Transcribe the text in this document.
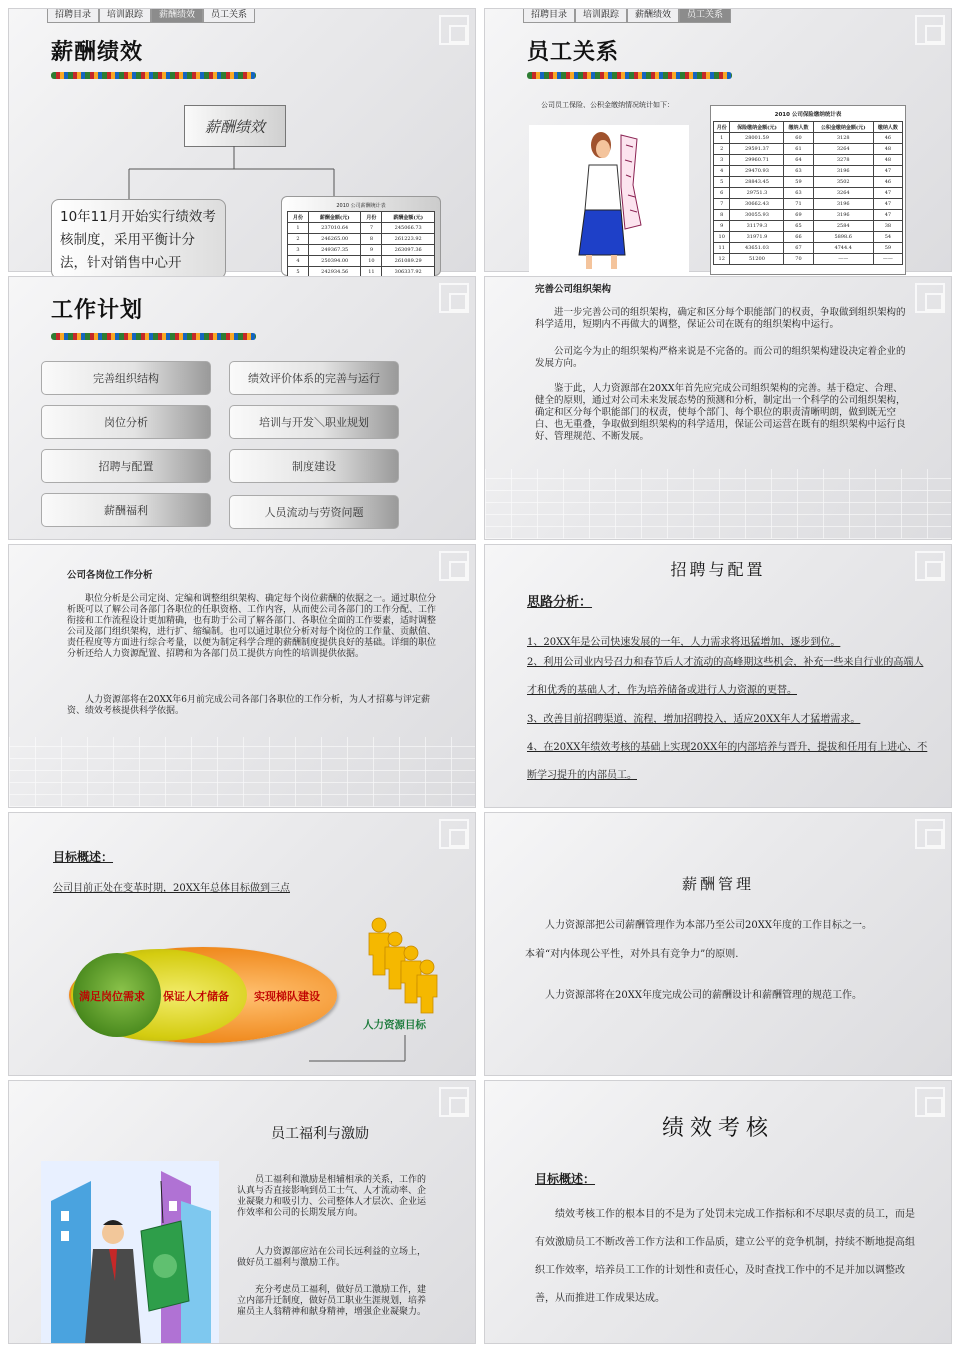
招聘目录	培训跟踪	薪酬绩效	员工关系
薪酬绩效
薪酬绩效
10年11月开始实行绩效考核制度，采用平衡计分法，针对销售中心开
2010 公司薪酬统计表
月份	薪酬金额(元)	月份	薪酬金额(元)
1	237010.64	7	245066.73
2	246265.00	8	261223.92
3	249367.35	9	263097.36
4	250394.00	10	261089.29
5	242934.56	11	306337.92

招聘目录	培训跟踪	薪酬绩效	员工关系
员工关系
公司员工保险、公积金缴纳情况统计如下：
2010 公司保险缴纳统计表
月份	保险缴纳金额(元)	缴纳人数	公积金缴纳金额(元)	缴纳人数
1	28001.59	60	3128	46
2	29591.37	61	3264	48
3	29960.71	64	3278	48
4	29470.93	63	3196	47
5	28843.45	59	3502	46
6	29751.3	63	3264	47
7	30662.43	71	3196	47
8	30055.93	69	3196	47
9	31179.3	65	2584	38
10	31971.9	66	5898.6	54
11	43651.03	67	4744.4	59
12	51200	70	——	——
工作计划
完善组织结构
岗位分析
招聘与配置
薪酬福利
绩效评价体系的完善与运行
培训与开发＼职业规划
制度建设
人员流动与劳资问题
完善公司组织架构
进一步完善公司的组织架构，确定和区分每个职能部门的权责，争取做到组织架构的科学适用，短期内不再做大的调整，保证公司在既有的组织架构中运行。
公司迄今为止的组织架构严格来说是不完备的。而公司的组织架构建设决定着企业的发展方向。
鉴于此，人力资源部在20XX年首先应完成公司组织架构的完善。基于稳定、合理、健全的原则，通过对公司未来发展态势的预测和分析，制定出一个科学的公司组织架构，确定和区分每个职能部门的权责，使每个部门、每个职位的职责清晰明朗，做到既无空白、也无重叠，争取做到组织架构的科学适用，保证公司运营在既有的组织架构中运行良好、管理规范、不断发展。
公司各岗位工作分析
职位分析是公司定岗、定编和调整组织架构、确定每个岗位薪酬的依据之一。通过职位分析既可以了解公司各部门各职位的任职资格、工作内容，从而使公司各部门的工作分配、工作衔接和工作流程设计更加精确，也有助于公司了解各部门、各职位全面的工作要素，适时调整公司及部门组织架构，进行扩、缩编制。也可以通过职位分析对每个岗位的工作量、贡献值、责任程度等方面进行综合考量，以便为制定科学合理的薪酬制度提供良好的基础。详细的职位分析还给人力资源配置、招聘和为各部门员工提供方向性的培训提供依据。
人力资源部将在20XX年6月前完成公司各部门各职位的工作分析，为人才招募与评定薪资、绩效考核提供科学依据。
招聘与配置
思路分析：
1、20XX年是公司快速发展的一年，人力需求将迅猛增加、逐步到位。
2、利用公司业内号召力和春节后人才流动的高峰期这些机会，补充一些来自行业的高端人才和优秀的基础人才，作为培养储备或进行人力资源的更替。
3、改善目前招聘渠道、流程，增加招聘投入，适应20XX年人才猛增需求。
4、在20XX年绩效考核的基础上实现20XX年的内部培养与晋升，提拔和任用有上进心、不断学习提升的内部员工。
目标概述：
公司目前正处在变革时期，20XX年总体目标做到三点
满足岗位需求 保证人才储备 实现梯队建设
人力资源目标
薪酬管理
人力资源部把公司薪酬管理作为本部乃至公司20XX年度的工作目标之一。
本着“对内体现公平性，对外具有竞争力”的原则.
人力资源部将在20XX年度完成公司的薪酬设计和薪酬管理的规范工作。
员工福利与激励
员工福利和激励是相辅相承的关系，工作的认真与否直接影响到员工士气、人才流动率、企业凝聚力和吸引力、公司整体人才层次、企业运作效率和公司的长期发展方向。
人力资源部应站在公司长远利益的立场上，做好员工福利与激励工作。
充分考虑员工福利，做好员工激励工作，建立内部升迁制度，做好员工职业生涯规划，培养雇员主人翁精神和献身精神，增强企业凝聚力。
绩效考核
目标概述：
绩效考核工作的根本目的不是为了处罚未完成工作指标和不尽职尽责的员工，而是有效激励员工不断改善工作方法和工作品质，建立公平的竞争机制，持续不断地提高组织工作效率，培养员工工作的计划性和责任心，及时查找工作中的不足并加以调整改善，从而推进工作成果达成。
